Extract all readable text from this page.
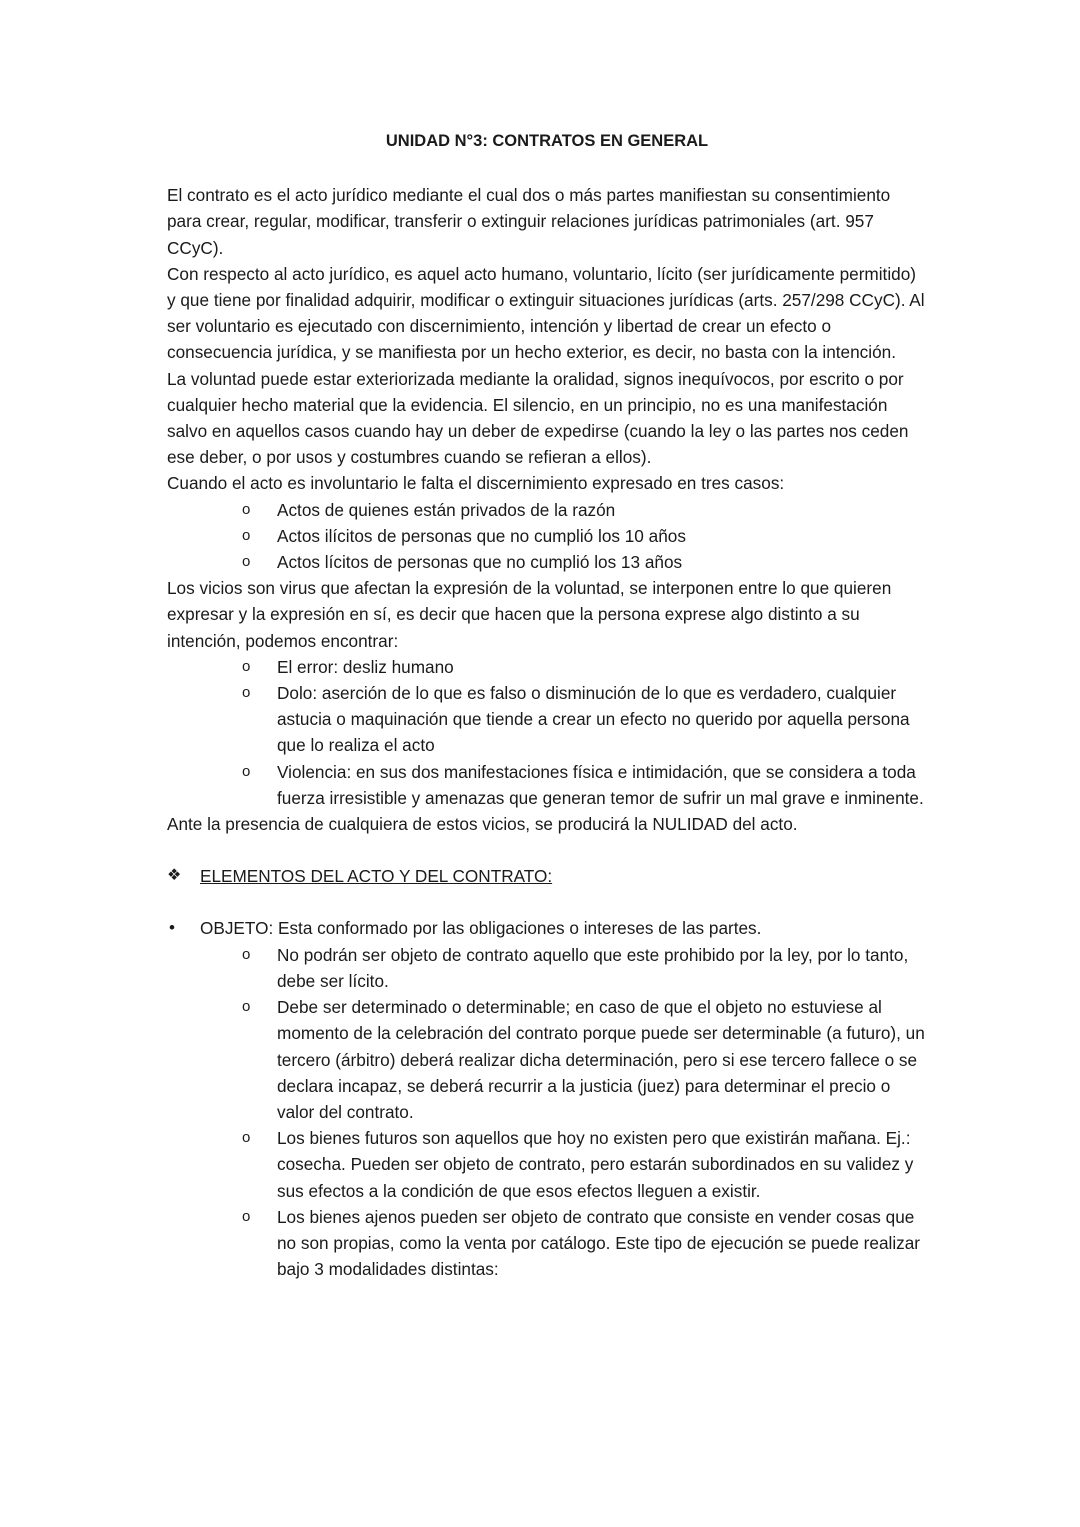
UNIDAD N°3: CONTRATOS EN GENERAL

El contrato es el acto jurídico mediante el cual dos o más partes manifiestan su consentimiento para crear, regular, modificar, transferir o extinguir relaciones jurídicas patrimoniales (art. 957 CCyC).

Con respecto al acto jurídico, es aquel acto humano, voluntario, lícito (ser jurídicamente permitido) y que tiene por finalidad adquirir, modificar o extinguir situaciones jurídicas (arts. 257/298 CCyC). Al ser voluntario es ejecutado con discernimiento, intención y libertad de crear un efecto o consecuencia jurídica, y se manifiesta por un hecho exterior, es decir, no basta con la intención.

La voluntad puede estar exteriorizada mediante la oralidad, signos inequívocos, por escrito o por cualquier hecho material que la evidencia. El silencio, en un principio, no es una manifestación salvo en aquellos casos cuando hay un deber de expedirse (cuando la ley o las partes nos ceden ese deber, o por usos y costumbres cuando se refieran a ellos).

Cuando el acto es involuntario le falta el discernimiento expresado en tres casos:

o Actos de quienes están privados de la razón
o Actos ilícitos de personas que no cumplió los 10 años
o Actos lícitos de personas que no cumplió los 13 años

Los vicios son virus que afectan la expresión de la voluntad, se interponen entre lo que quieren expresar y la expresión en sí, es decir que hacen que la persona exprese algo distinto a su intención, podemos encontrar:

o El error: desliz humano
o Dolo: aserción de lo que es falso o disminución de lo que es verdadero, cualquier astucia o maquinación que tiende a crear un efecto no querido por aquella persona que lo realiza el acto
o Violencia: en sus dos manifestaciones física e intimidación, que se considera a toda fuerza irresistible y amenazas que generan temor de sufrir un mal grave e inminente.

Ante la presencia de cualquiera de estos vicios, se producirá la NULIDAD del acto.

❖ ELEMENTOS DEL ACTO Y DEL CONTRATO:
• OBJETO: Esta conformado por las obligaciones o intereses de las partes.
o No podrán ser objeto de contrato aquello que este prohibido por la ley, por lo tanto, debe ser lícito.
o Debe ser determinado o determinable; en caso de que el objeto no estuviese al momento de la celebración del contrato porque puede ser determinable (a futuro), un tercero (árbitro) deberá realizar dicha determinación, pero si ese tercero fallece o se declara incapaz, se deberá recurrir a la justicia (juez) para determinar el precio o valor del contrato.
o Los bienes futuros son aquellos que hoy no existen pero que existirán mañana. Ej.: cosecha. Pueden ser objeto de contrato, pero estarán subordinados en su validez y sus efectos a la condición de que esos efectos lleguen a existir.
o Los bienes ajenos pueden ser objeto de contrato que consiste en vender cosas que no son propias, como la venta por catálogo. Este tipo de ejecución se puede realizar bajo 3 modalidades distintas:
